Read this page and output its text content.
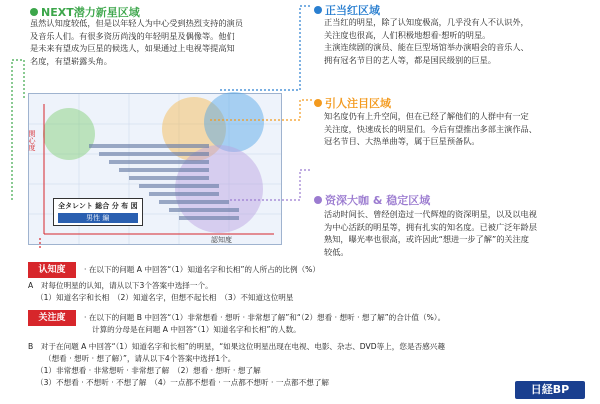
関心度
認知度
全タレント 総合 分 布 図
男性 編
NEXT潜力新星区域

虽然认知度较低，但是以年轻人为中心受到热烈支持的演员

及音乐人们。有很多资历尚浅的年轻明星及偶像等。他们

是未来有望成为巨星的候选人，如果通过上电视等提高知

名度，有望崭露头角。

正当红区域

正当红的明星，除了认知度极高，几乎没有人不认识外，

关注度也很高，人们积极地想看·想听的明星。

主演连续剧的演员、能在巨型场馆举办演唱会的音乐人、

拥有冠名节目的艺人等，都是国民级别的巨星。

引人注目区域

知名度仍有上升空间，但在已经了解他们的人群中有一定

关注度，快速成长的明星们。今后有望推出多部主演作品、

冠名节目、大热单曲等，属于巨星预备队。

资深大咖 & 稳定区域

活动时间长、曾经创造过一代辉煌的资深明星，以及以电视

为中心活跃的明星等，拥有扎实的知名度。已被广泛年龄层

熟知，曝光率也很高，或许因此“想进一步了解”的关注度

较低。

认知度	· 在以下的问题 A 中回答“（1）知道名字和长相”的人所占的比例（%）
A　对每位明星的认知，请从以下3个答案中选择一个。
（1）知道名字和长相　（2）知道名字，但想不起长相　（3）不知道这位明星
关注度	· 在以下的问题 B 中回答“（1）非常想看 · 想听 · 非常想了解”和“（2）想看 · 想听 · 想了解”的合计值（%）。
计算的分母是在问题 A 中回答“（1）知道名字和长相”的人数。
B　对于在问题 A 中回答“（1）知道名字和长相”的明星，“如果这位明星出现在电视、电影、杂志、DVD等上，您是否感兴趣
（想看 · 想听 · 想了解）”，请从以下4个答案中选择1个。
（1）非常想看 · 非常想听 · 非常想了解　（2）想看 · 想听 · 想了解
（3）不想看 · 不想听 · 不想了解　（4）一点都不想看 · 一点都不想听 · 一点都不想了解
日経BP
